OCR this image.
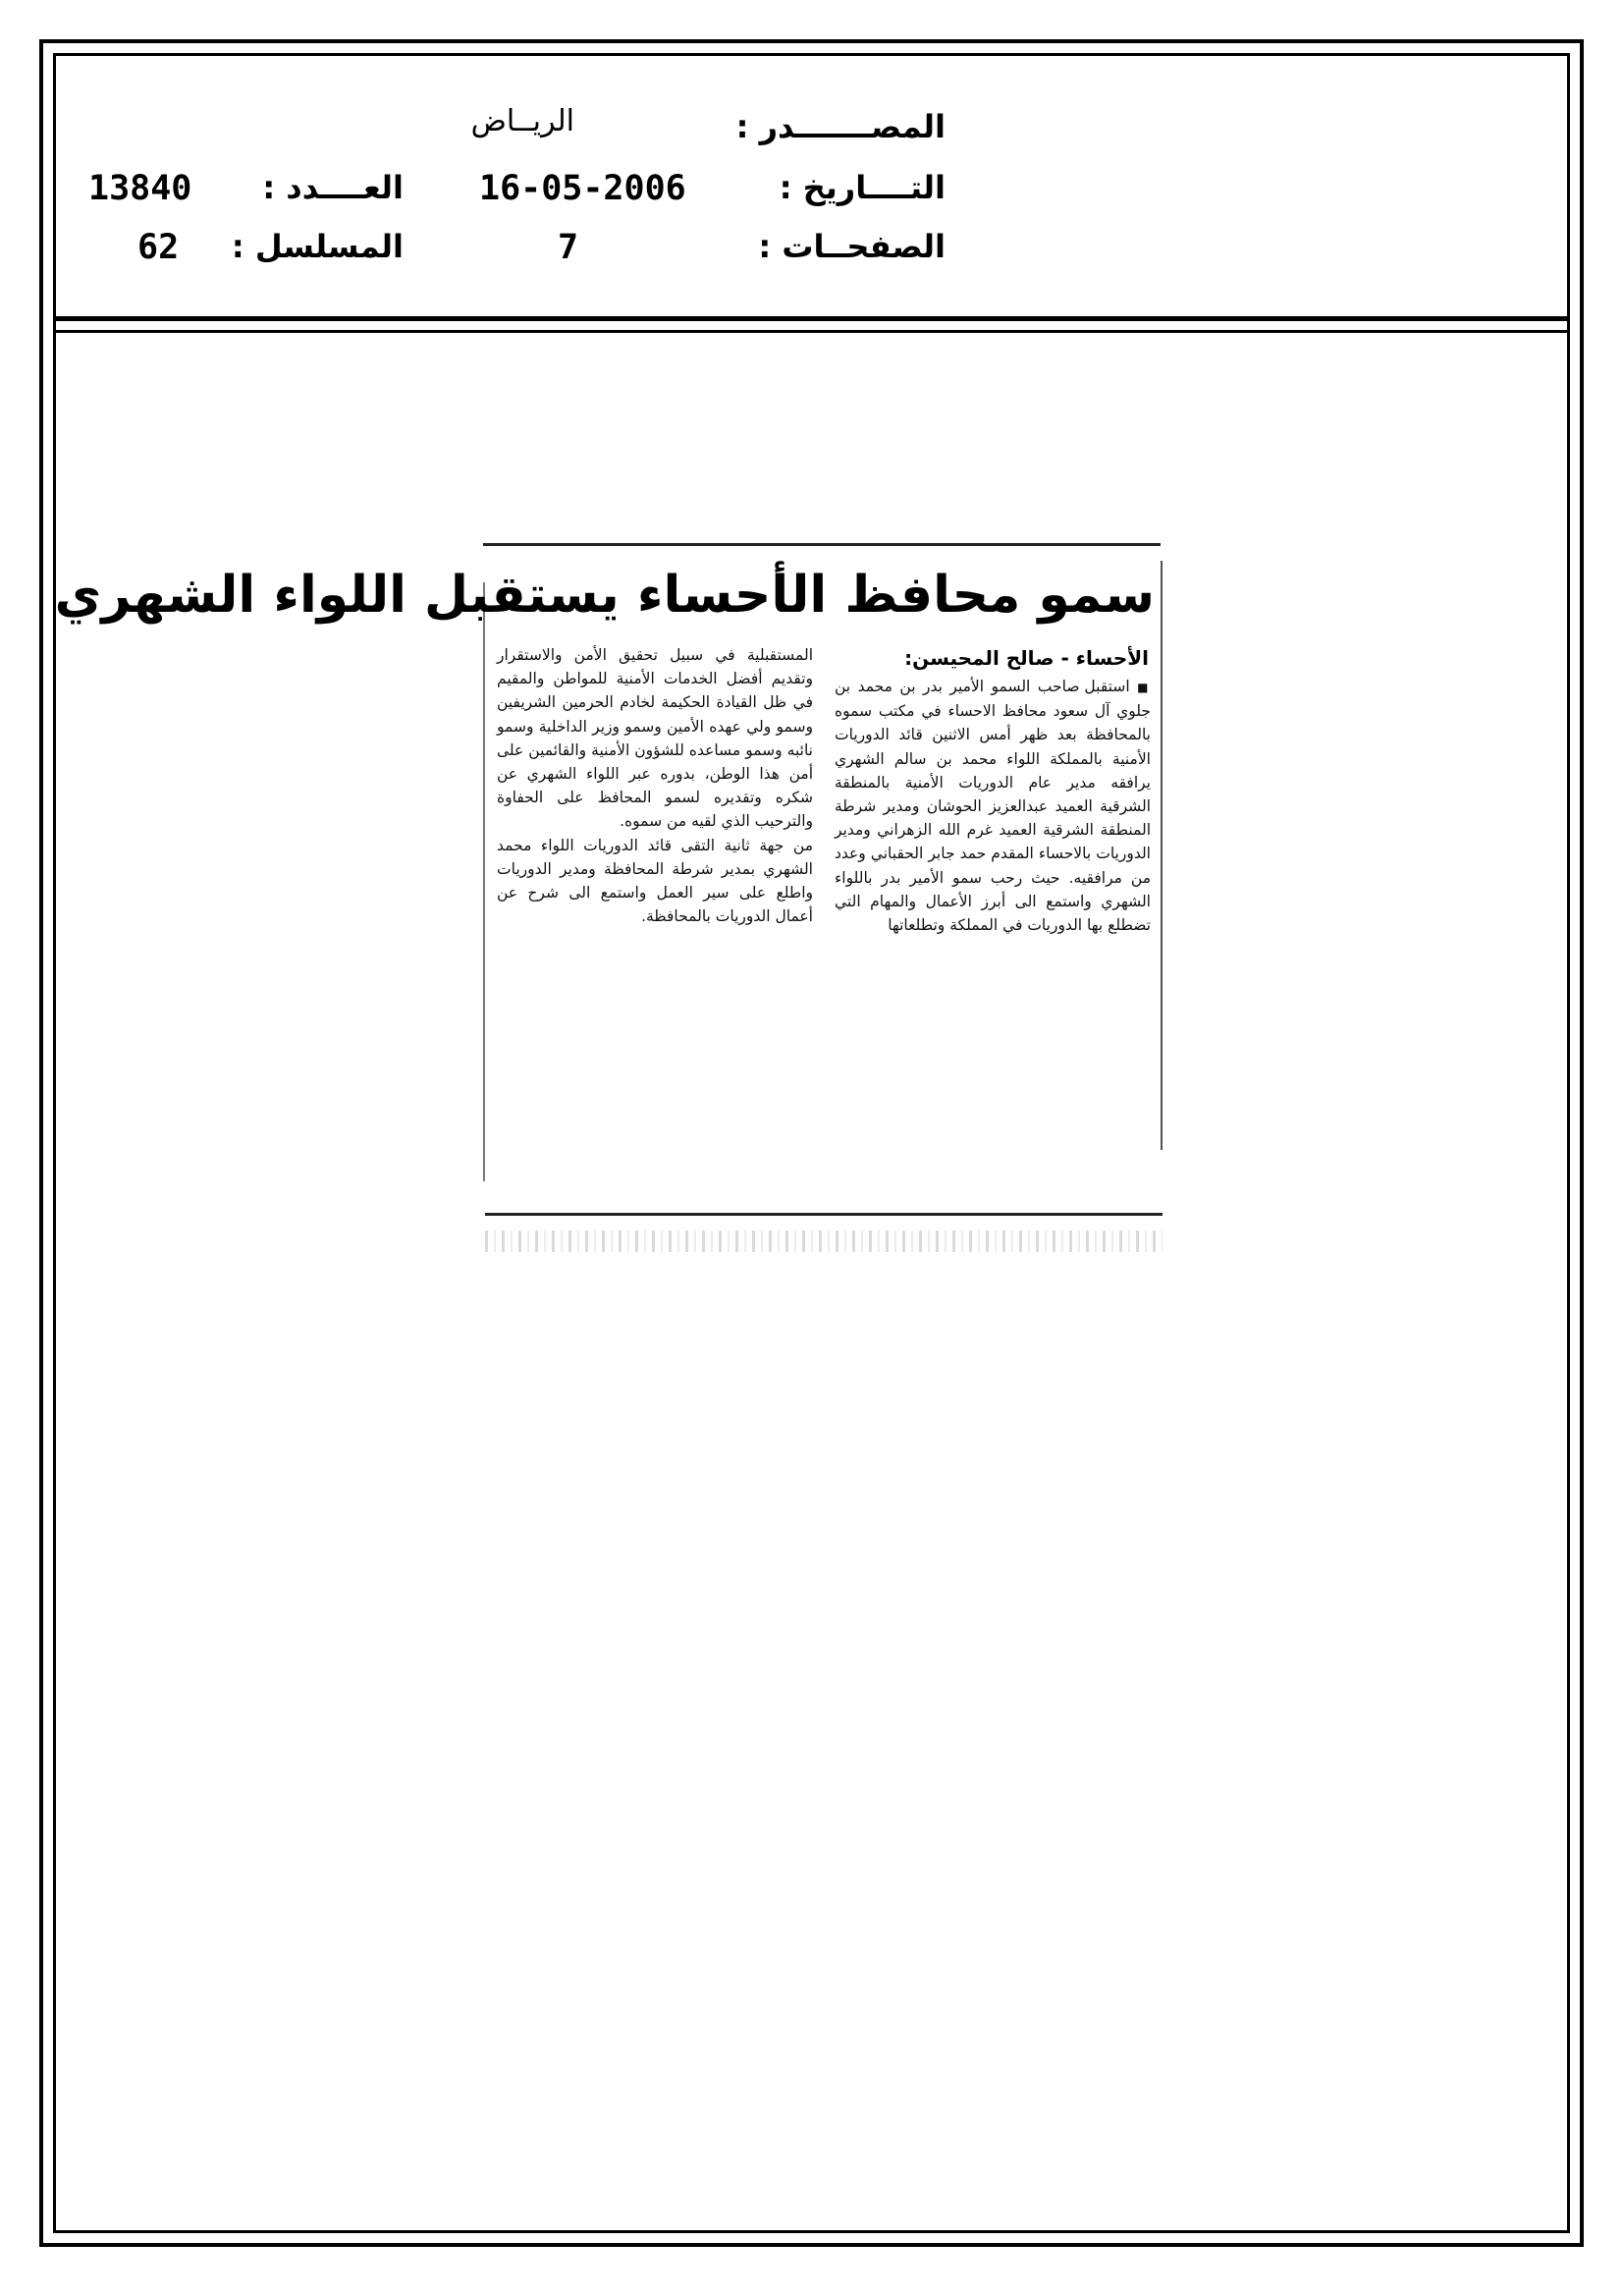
المصـــــــدر :
الريــاض
التــــاريخ :
16-05-2006
العــــدد :
13840
الصفحــات :
7
المسلسل :
62
سمو محافظ الأحساء يستقبل اللواء الشهري
الأحساء - صالح المحيسن:

■ استقبل صاحب السمو الأمير بدر بن محمد بن جلوي آل سعود محافظ الاحساء في مكتب سموه بالمحافظة بعد ظهر أمس الاثنين قائد الدوريات الأمنية بالمملكة اللواء محمد بن سالم الشهري يرافقه مدير عام الدوريات الأمنية بالمنطقة الشرقية العميد عبدالعزيز الحوشان ومدير شرطة المنطقة الشرقية العميد غرم الله الزهراني ومدير الدوريات بالاحساء المقدم حمد جابر الحقباني وعدد من مرافقيه. حيث رحب سمو الأمير بدر باللواء الشهري واستمع الى أبرز الأعمال والمهام التي تضطلع بها الدوريات في المملكة وتطلعاتها

المستقبلية في سبيل تحقيق الأمن والاستقرار وتقديم أفضل الخدمات الأمنية للمواطن والمقيم في ظل القيادة الحكيمة لخادم الحرمين الشريفين وسمو ولي عهده الأمين وسمو وزير الداخلية وسمو نائبه وسمو مساعده للشؤون الأمنية والقائمين على أمن هذا الوطن، بدوره عبر اللواء الشهري عن شكره وتقديره لسمو المحافظ على الحفاوة والترحيب الذي لقيه من سموه.

من جهة ثانية التقى قائد الدوريات اللواء محمد الشهري بمدير شرطة المحافظة ومدير الدوريات واطلع على سير العمل واستمع الى شرح عن أعمال الدوريات بالمحافظة.
